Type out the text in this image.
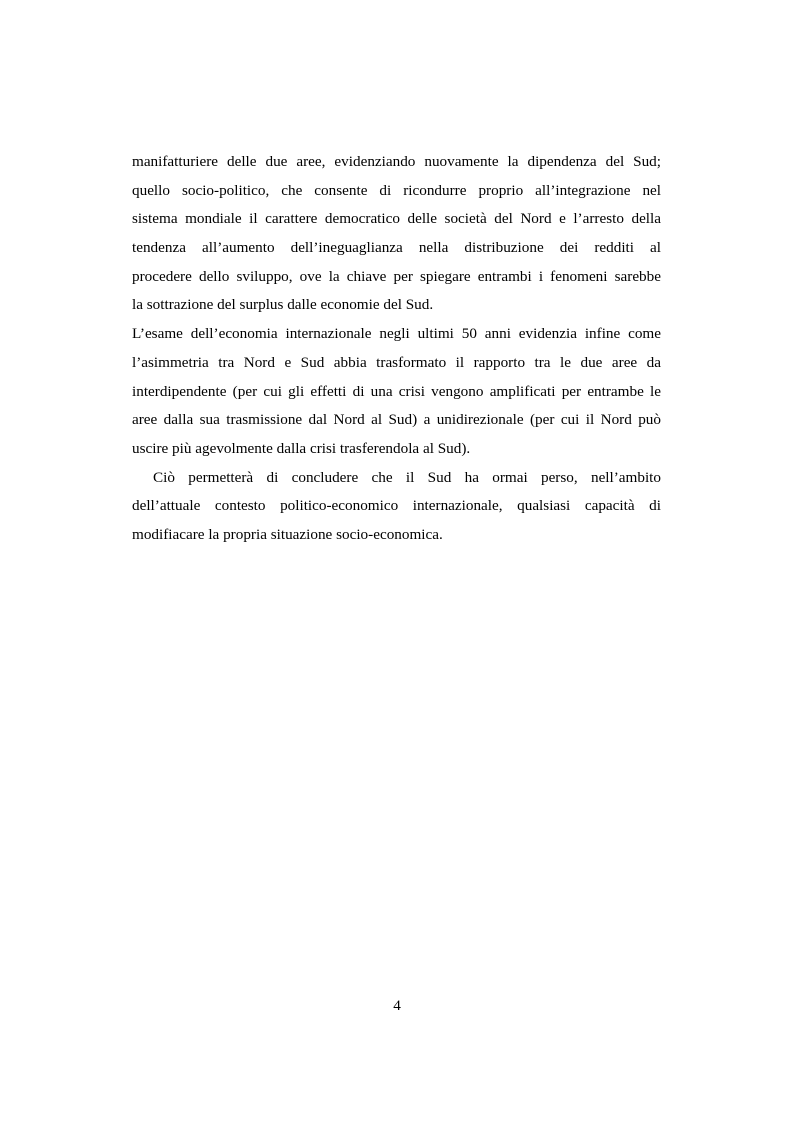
manifatturiere delle due aree, evidenziando nuovamente la dipendenza del Sud;
quello socio-politico, che consente di ricondurre proprio all’integrazione nel
sistema mondiale il carattere democratico delle società del Nord e l’arresto della
tendenza all’aumento dell’ineguaglianza nella distribuzione dei redditi al
procedere dello sviluppo, ove la chiave per spiegare entrambi i fenomeni sarebbe
la sottrazione del surplus dalle economie del Sud.
L’esame dell’economia internazionale negli ultimi 50 anni evidenzia infine come
l’asimmetria tra Nord e Sud abbia trasformato il rapporto tra le due aree da
interdipendente (per cui gli effetti di una crisi vengono amplificati per entrambe le
aree dalla sua trasmissione dal Nord al Sud) a unidirezionale (per cui il Nord può
uscire più agevolmente dalla crisi trasferendola al Sud).
Ciò permetterà di concludere che il Sud ha ormai perso, nell’ambito
dell’attuale contesto politico-economico internazionale, qualsiasi capacità di
modifiacare la propria situazione socio-economica.
4
